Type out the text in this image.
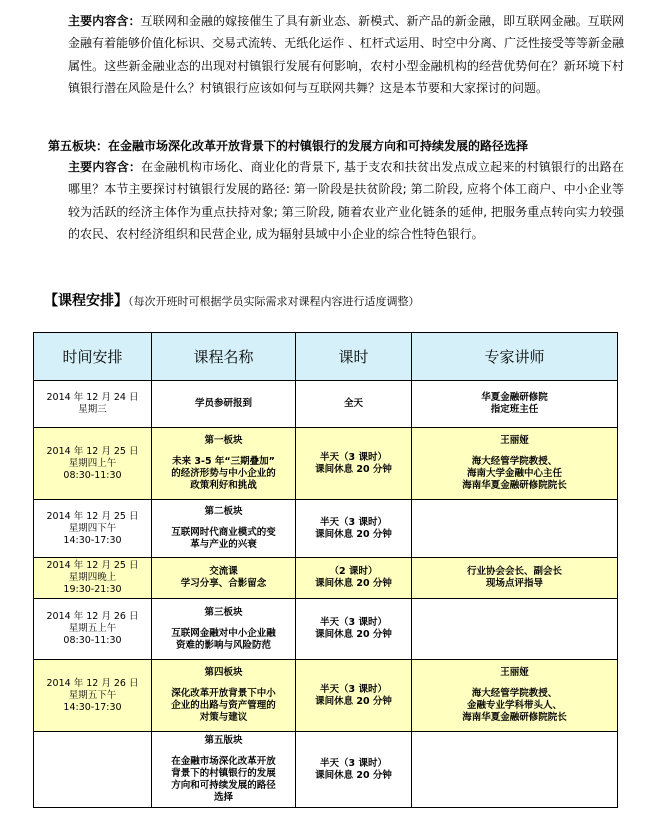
主要内容含：互联网和金融的嫁接催生了具有新业态、新模式、新产品的新金融，即互联网金融。互联网金融有着能够价值化标识、交易式流转、无纸化运作 、杠杆式运用、时空中分离、广泛性接受等等新金融属性。这些新金融业态的出现对村镇银行发展有何影响，农村小型金融机构的经营优势何在？新环境下村镇银行潜在风险是什么？村镇银行应该如何与互联网共舞？这是本节要和大家探讨的问题。

第五板块：在金融市场深化改革开放背景下的村镇银行的发展方向和可持续发展的路径选择

主要内容含：在金融机构市场化、商业化的背景下, 基于支农和扶贫出发点成立起来的村镇银行的出路在哪里？本节主要探讨村镇银行发展的路径: 第一阶段是扶贫阶段; 第二阶段, 应将个体工商户、中小企业等较为活跃的经济主体作为重点扶持对象; 第三阶段, 随着农业产业化链条的延伸, 把服务重点转向实力较强的农民、农村经济组织和民营企业, 成为辐射县域中小企业的综合性特色银行。

【课程安排】（每次开班时可根据学员实际需求对课程内容进行适度调整）

时间安排	课程名称	课时	专家讲师

2014 年 12 月 24 日
星期三	学员参研报到	全天	华夏金融研修院
指定班主任

2014 年 12 月 25 日
星期四上午
08:30-11:30	第一板块
未来 3-5 年“三期叠加”
的经济形势与中小企业的
政策利好和挑战	半天（3 课时）
课间休息 20 分钟	王丽娅
海大经管学院教授、
海南大学金融中心主任
海南华夏金融研修院院长

2014 年 12 月 25 日
星期四下午
14:30-17:30	第二板块
互联网时代商业模式的变
革与产业的兴衰	半天（3 课时）
课间休息 20 分钟	

2014 年 12 月 25 日
星期四晚上
19:30-21:30	交流课
学习分享、合影留念	（2 课时）
课间休息 20 分钟	行业协会会长、副会长
现场点评指导

2014 年 12 月 26 日
星期五上午
08:30-11:30	第三板块
互联网金融对中小企业融
资难的影响与风险防范	半天（3 课时）
课间休息 20 分钟	

2014 年 12 月 26 日
星期五下午
14:30-17:30	第四板块
深化改革开放背景下中小
企业的出路与资产管理的
对策与建议	半天（3 课时）
课间休息 20 分钟	王丽娅
海大经管学院教授、
金融专业学科带头人、
海南华夏金融研修院院长

	第五版块
在金融市场深化改革开放
背景下的村镇银行的发展
方向和可持续发展的路径
选择	半天（3 课时）
课间休息 20 分钟	
